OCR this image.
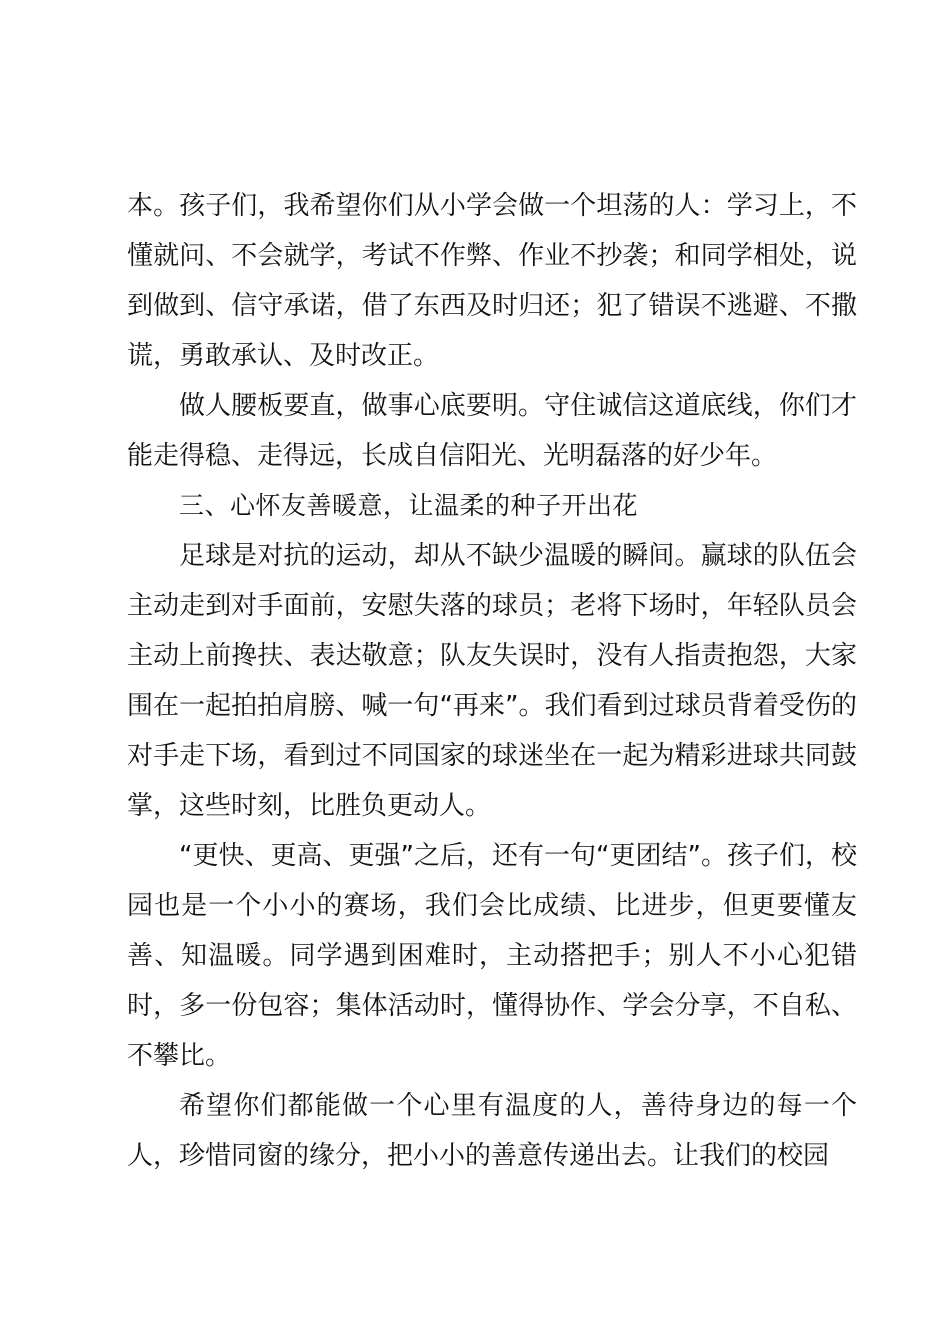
本。孩子们，我希望你们从小学会做一个坦荡的人：学习上，不懂就问、不会就学，考试不作弊、作业不抄袭；和同学相处，说到做到、信守承诺，借了东西及时归还；犯了错误不逃避、不撒谎，勇敢承认、及时改正。

做人腰板要直，做事心底要明。守住诚信这道底线，你们才能走得稳、走得远，长成自信阳光、光明磊落的好少年。

三、心怀友善暖意，让温柔的种子开出花

足球是对抗的运动，却从不缺少温暖的瞬间。赢球的队伍会主动走到对手面前，安慰失落的球员；老将下场时，年轻队员会主动上前搀扶、表达敬意；队友失误时，没有人指责抱怨，大家围在一起拍拍肩膀、喊一句“再来”。我们看到过球员背着受伤的对手走下场，看到过不同国家的球迷坐在一起为精彩进球共同鼓掌，这些时刻，比胜负更动人。

“更快、更高、更强”之后，还有一句“更团结”。孩子们，校园也是一个小小的赛场，我们会比成绩、比进步，但更要懂友善、知温暖。同学遇到困难时，主动搭把手；别人不小心犯错时，多一份包容；集体活动时，懂得协作、学会分享，不自私、不攀比。

希望你们都能做一个心里有温度的人，善待身边的每一个人，珍惜同窗的缘分，把小小的善意传递出去。让我们的校园
